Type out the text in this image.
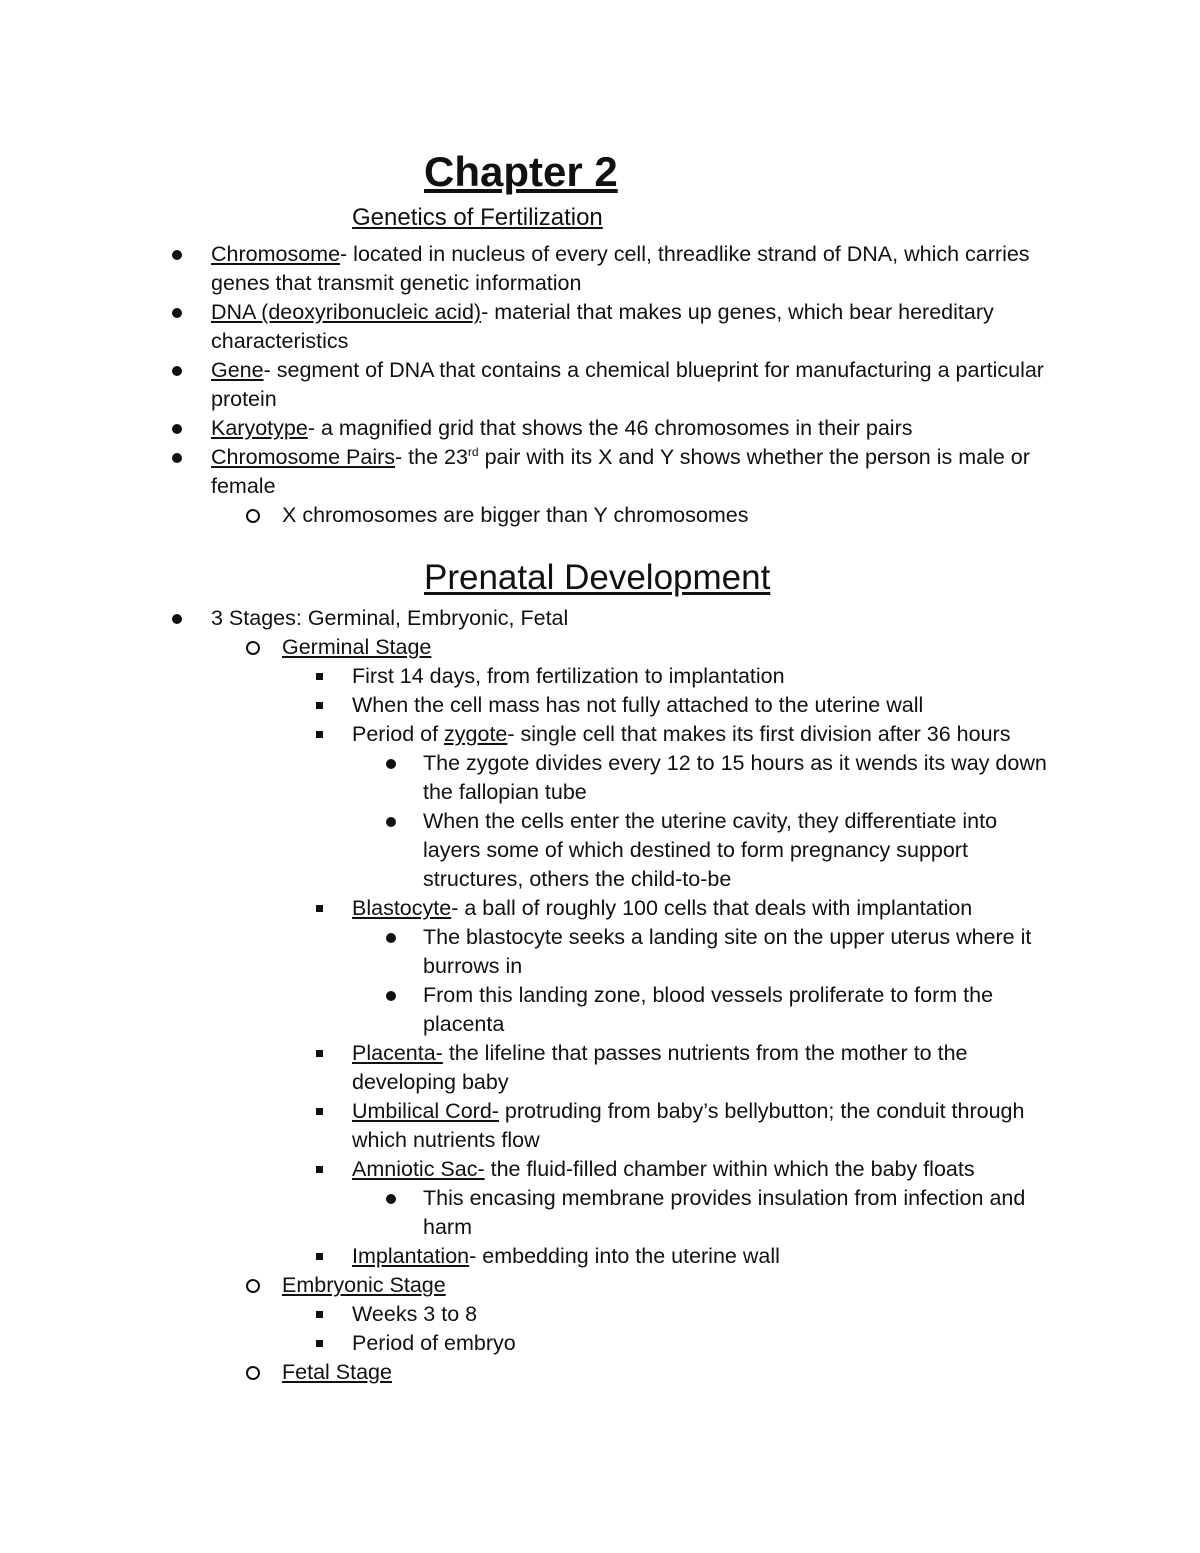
Chapter 2
Genetics of Fertilization
Chromosome- located in nucleus of every cell, threadlike strand of DNA, which carries
genes that transmit genetic information
DNA (deoxyribonucleic acid)- material that makes up genes, which bear hereditary
characteristics
Gene- segment of DNA that contains a chemical blueprint for manufacturing a particular
protein
Karyotype- a magnified grid that shows the 46 chromosomes in their pairs
Chromosome Pairs- the 23rd pair with its X and Y shows whether the person is male or
female
X chromosomes are bigger than Y chromosomes
Prenatal Development
3 Stages: Germinal, Embryonic, Fetal
Germinal Stage
First 14 days, from fertilization to implantation
When the cell mass has not fully attached to the uterine wall
Period of zygote- single cell that makes its first division after 36 hours
The zygote divides every 12 to 15 hours as it wends its way down
the fallopian tube
When the cells enter the uterine cavity, they differentiate into
layers some of which destined to form pregnancy support
structures, others the child-to-be
Blastocyte- a ball of roughly 100 cells that deals with implantation
The blastocyte seeks a landing site on the upper uterus where it
burrows in
From this landing zone, blood vessels proliferate to form the
placenta
Placenta- the lifeline that passes nutrients from the mother to the
developing baby
Umbilical Cord- protruding from baby’s bellybutton; the conduit through
which nutrients flow
Amniotic Sac- the fluid-filled chamber within which the baby floats
This encasing membrane provides insulation from infection and
harm
Implantation- embedding into the uterine wall
Embryonic Stage
Weeks 3 to 8
Period of embryo
Fetal Stage
